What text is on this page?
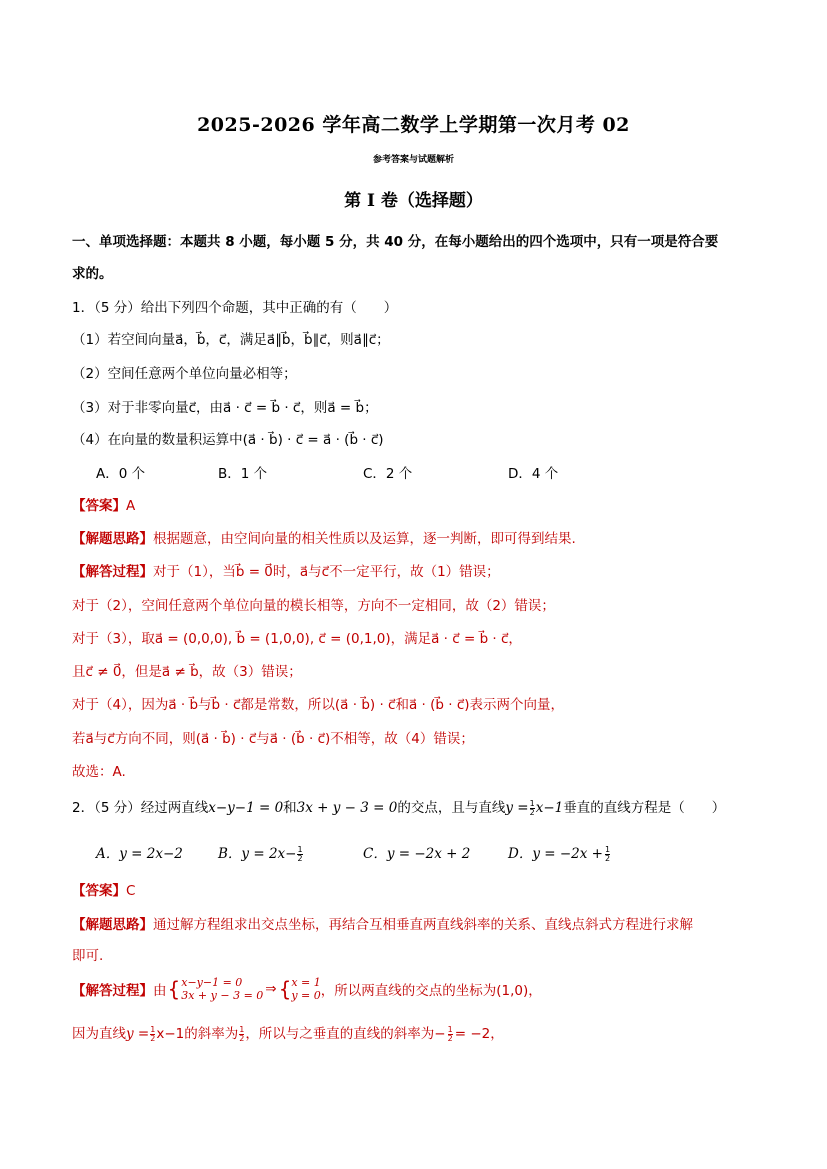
2025-2026 学年高二数学上学期第一次月考 02
参考答案与试题解析
第 I 卷（选择题）
一、单项选择题：本题共 8 小题，每小题 5 分，共 40 分，在每小题给出的四个选项中，只有一项是符合要
求的。
1．（5 分）给出下列四个命题，其中正确的有（　　）
（1）若空间向量a⃗，b⃗，c⃗，满足a⃗∥b⃗，b⃗∥c⃗，则a⃗∥c⃗；
（2）空间任意两个单位向量必相等；
（3）对于非零向量c⃗，由a⃗ · c⃗ = b⃗ · c⃗，则a⃗ = b⃗；
（4）在向量的数量积运算中(a⃗ · b⃗) · c⃗ = a⃗ · (b⃗ · c⃗)
A．0 个	B．1 个	C．2 个	D．4 个
【答案】A
【解题思路】根据题意，由空间向量的相关性质以及运算，逐一判断，即可得到结果.
【解答过程】对于（1），当b⃗ = 0⃗时，a⃗与c⃗不一定平行，故（1）错误；
对于（2），空间任意两个单位向量的模长相等，方向不一定相同，故（2）错误；
对于（3），取a⃗ = (0,0,0), b⃗ = (1,0,0), c⃗ = (0,1,0)，满足a⃗ · c⃗ = b⃗ · c⃗，
且c⃗ ≠ 0⃗，但是a⃗ ≠ b⃗，故（3）错误；
对于（4），因为a⃗ · b⃗与b⃗ · c⃗都是常数，所以(a⃗ · b⃗) · c⃗和a⃗ · (b⃗ · c⃗)表示两个向量，
若a⃗与c⃗方向不同，则(a⃗ · b⃗) · c⃗与a⃗ · (b⃗ · c⃗)不相等，故（4）错误；
故选：A.
2．（5 分）经过两直线x−y−1 = 0和3x + y − 3 = 0的交点，且与直线$y = \frac{1}{2} x-1$垂直的直线方程是（　　）
A．y = 2x−2	B．$y = 2x- \frac{1}{2}$	C．y = −2x + 2	D．$y = -2x + \frac{1}{2}$
【答案】C
【解题思路】通过解方程组求出交点坐标，再结合互相垂直两直线斜率的关系、直线点斜式方程进行求解
即可.
【解答过程】由{ x−y−1 = 0
3x + y − 3 = 0 ⇒ { x = 1
y = 0 ，所以两直线的交点的坐标为(1,0)，
因为直线$y = \frac{1}{2} x-1$的斜率为 $\frac{1}{2}$ ，所以与之垂直的直线的斜率为− $\frac{1}{2} = -2$，
